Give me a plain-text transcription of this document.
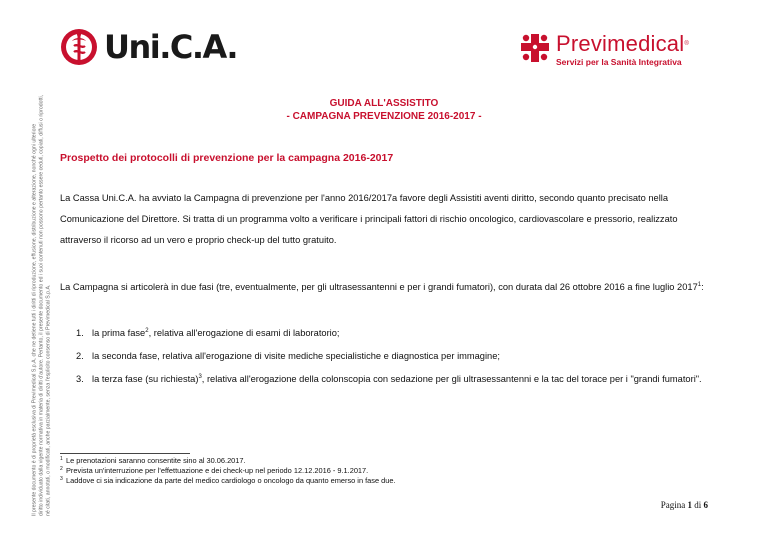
Il presente documento è di proprietà esclusiva di Previmedical S.p.A. che ne detiene tutti i diritti di riproduzione, effusione, distribuzione e alterazione, nonché ogni ulteriore diritto individuato dalla vigente normativa in materia di diritti d'autore. Pertanto, il presente documento ed i suoi contenuti non possono pertanto essere ceduti, copiati, diffusi o riprodotti, né citati, annotati, o modificati, anche parzialmente, senza l'esplicito consenso di Previmedical S.p.A.
Uni.C.A.	Previmedical®
Servizi per la Sanità Integrativa
GUIDA ALL'ASSISTITO
- CAMPAGNA PREVENZIONE 2016-2017 -
Prospetto dei protocolli di prevenzione per la campagna 2016-2017
La Cassa Uni.C.A. ha avviato la Campagna di prevenzione per l'anno 2016/2017a favore degli Assistiti aventi diritto, secondo quanto precisato nella Comunicazione del Direttore. Si tratta di un programma volto a verificare i principali fattori di rischio oncologico, cardiovascolare e pressorio, realizzato attraverso il ricorso ad un vero e proprio check-up del tutto gratuito.
La Campagna si articolerà in due fasi (tre, eventualmente, per gli ultrasessantenni e per i grandi fumatori), con durata dal 26 ottobre 2016 a fine luglio 2017$^1$:
1. la prima fase$^2$, relativa all'erogazione di esami di laboratorio;
2. la seconda fase, relativa all'erogazione di visite mediche specialistiche e diagnostica per immagine;
3. la terza fase (su richiesta)$^3$, relativa all'erogazione della colonscopia con sedazione per gli ultrasessantenni e la tac del torace per i "grandi fumatori".
1 Le prenotazioni saranno consentite sino al 30.06.2017.
2 Prevista un'interruzione per l'effettuazione e dei check-up nel periodo 12.12.2016 - 9.1.2017.
3 Laddove ci sia indicazione da parte del medico cardiologo o oncologo da quanto emerso in fase due.
Pagina 1 di 6
